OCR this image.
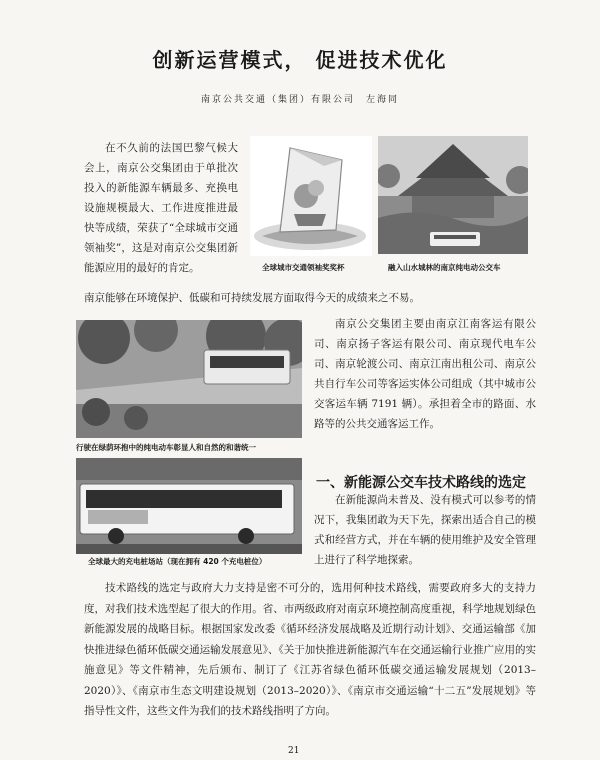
创新运营模式， 促进技术优化
南京公共交通（集团）有限公司　左海同

在不久前的法国巴黎气候大会上，南京公交集团由于单批次投入的新能源车辆最多、充换电设施规模最大、工作进度推进最快等成绩，荣获了“全球城市交通领袖奖”，这是对南京公交集团新能源应用的最好的肯定。	全球城市交通领袖奖奖杯	融入山水城林的南京纯电动公交车

南京能够在环境保护、低碳和可持续发展方面取得今天的成绩来之不易。

行驶在绿荫环抱中的纯电动车彰显人和自然的和谐统一

南京公交集团主要由南京江南客运有限公司、南京扬子客运有限公司、南京现代电车公司、南京轮渡公司、南京江南出租公司、南京公共自行车公司等客运实体公司组成（其中城市公交客运车辆 7191 辆）。承担着全市的路面、水路等的公共交通客运工作。

全球最大的充电桩场站（现在拥有 420 个充电桩位）
一、新能源公交车技术路线的选定

在新能源尚未普及、没有模式可以参考的情况下，我集团敢为天下先，探索出适合自己的模式和经营方式，并在车辆的使用维护及安全管理上进行了科学地探索。

技术路线的选定与政府大力支持是密不可分的，选用何种技术路线，需要政府多大的支持力度，对我们技术选型起了很大的作用。省、市两级政府对南京环境控制高度重视，科学地规划绿色新能源发展的战略目标。根据国家发改委《循环经济发展战略及近期行动计划》、交通运输部《加快推进绿色循环低碳交通运输发展意见》、《关于加快推进新能源汽车在交通运输行业推广应用的实施意见》等文件精神，先后颁布、制订了《江苏省绿色循环低碳交通运输发展规划（2013–2020）》、《南京市生态文明建设规划（2013–2020）》、《南京市交通运输“十二五”发展规划》等指导性文件，这些文件为我们的技术路线指明了方向。

21
